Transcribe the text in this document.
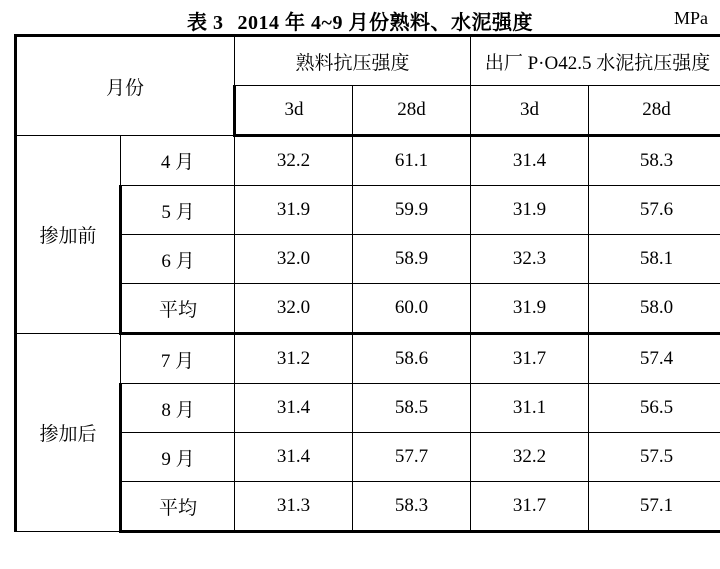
表 3 2014 年 4~9 月份熟料、水泥强度	MPa
月份		熟料抗压强度		出厂 P·O42.5 水泥抗压强度	
		3d	28d	3d	28d
掺加前	4 月	32.2	61.1	31.4	58.3
	5 月	31.9	59.9	31.9	57.6
	6 月	32.0	58.9	32.3	58.1
	平均	32.0	60.0	31.9	58.0
掺加后	7 月	31.2	58.6	31.7	57.4
	8 月	31.4	58.5	31.1	56.5
	9 月	31.4	57.7	32.2	57.5
	平均	31.3	58.3	31.7	57.1
